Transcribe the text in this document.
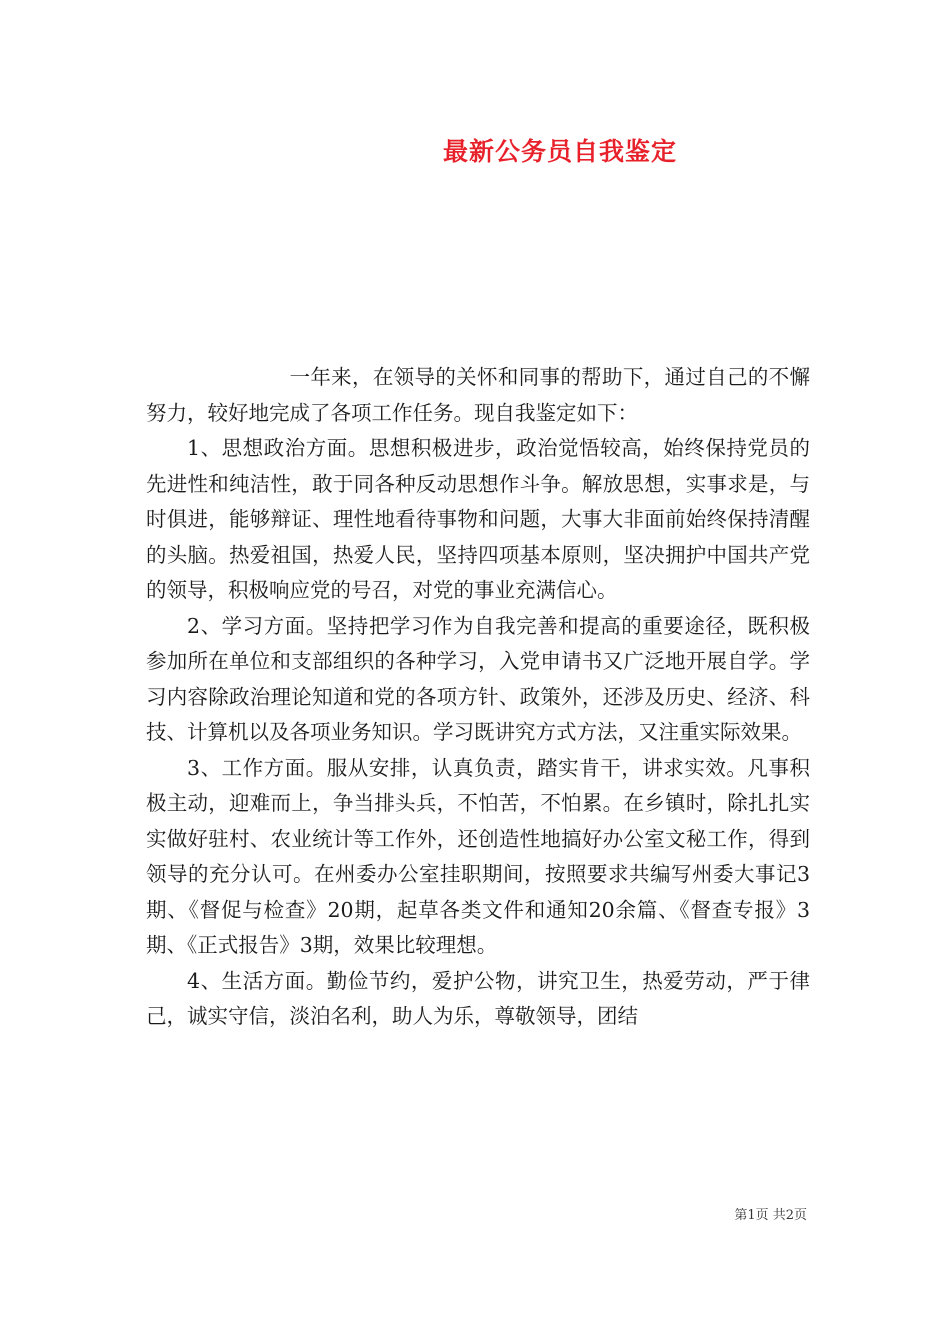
最新公务员自我鉴定

一年来，在领导的关怀和同事的帮助下，通过自己的不懈努力，较好地完成了各项工作任务。现自我鉴定如下：

1、思想政治方面。思想积极进步，政治觉悟较高，始终保持党员的先进性和纯洁性，敢于同各种反动思想作斗争。解放思想，实事求是，与时俱进，能够辩证、理性地看待事物和问题，大事大非面前始终保持清醒的头脑。热爱祖国，热爱人民，坚持四项基本原则，坚决拥护中国共产党的领导，积极响应党的号召，对党的事业充满信心。

2、学习方面。坚持把学习作为自我完善和提高的重要途径，既积极参加所在单位和支部组织的各种学习，入党申请书又广泛地开展自学。学习内容除政治理论知道和党的各项方针、政策外，还涉及历史、经济、科技、计算机以及各项业务知识。学习既讲究方式方法，又注重实际效果。

3、工作方面。服从安排，认真负责，踏实肯干，讲求实效。凡事积极主动，迎难而上，争当排头兵，不怕苦，不怕累。在乡镇时，除扎扎实实做好驻村、农业统计等工作外，还创造性地搞好办公室文秘工作，得到领导的充分认可。在州委办公室挂职期间，按照要求共编写州委大事记3期、《督促与检查》20期，起草各类文件和通知20余篇、《督查专报》3期、《正式报告》3期，效果比较理想。

4、生活方面。勤俭节约，爱护公物，讲究卫生，热爱劳动，严于律己，诚实守信，淡泊名利，助人为乐，尊敬领导，团结

第1页 共2页
